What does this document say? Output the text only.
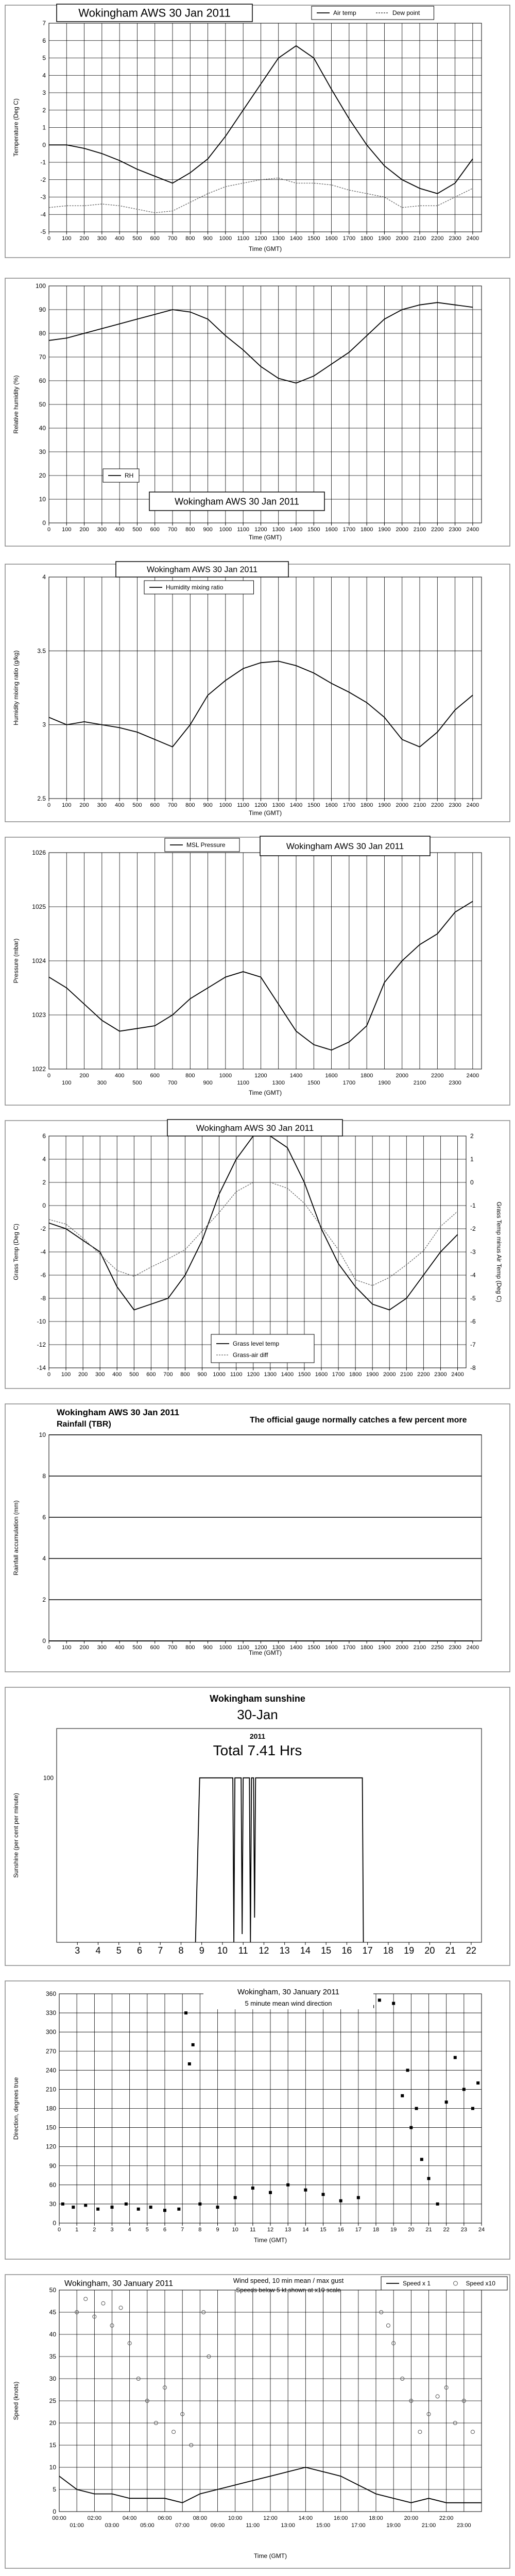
-5
-4
-3
-2
-1
0
1
2
3
4
5
6
7
0 100 200 300 400 500 600 700 800 900 1000 1100 1200 1300 1400 1500 1600 1700 1800 1900 2000 2100 2200 2300 2400
Temperature (Deg C)
Time (GMT)
Wokingham AWS 30 Jan 2011	Air temp	Dew point
0
10
20
30
40
50
60
70
80
90
100
0 100 200 300 400 500 600 700 800 900 1000 1100 1200 1300 1400 1500 1600 1700 1800 1900 2000 2100 2200 2300 2400
Relative humidity (%)
Time (GMT)
Wokingham AWS 30 Jan 2011
RH
2.5
3
3.5
4
0 100 200 300 400 500 600 700 800 900 1000 1100 1200 1300 1400 1500 1600 1700 1800 1900 2000 2100 2200 2300 2400
Humidity mixing ratio (g/kg)
Time (GMT)
Wokingham AWS 30 Jan 2011
Humidity mixing ratio
1022
1023
1024
1025
1026
0	200	400	600	800	1000	1200	1400	1600	1800	2000	2200	2400
100	300	500	700	900	1100	1300	1500	1700	1900	2100	2300
Pressure (mbar)
Time (GMT)
Wokingham AWS 30 Jan 2011
MSL Pressure
-14
-12
-10
-8
-6
-4
-2
0
2
4
6
0 100 200 300 400 500 600 700 800 900 1000 1100 1200 1300 1400 1500 1600 1700 1800 1900 2000 2100 2200 2300 2400
-8
-7
-6
-5
-4
-3
-2
-1
0
1
2
Grass Temp minus Air Temp (Deg C)
Grass Temp (Deg C)
Wokingham AWS 30 Jan 2011
Grass level temp
Grass-air diff
0
2
4
6
8
10
0 100 200 300 400 500 600 700 800 900 1000 1100 1200 1300 1400 1500 1600 1700 1800 1900 2000 2100 2250 2300 2400
Rainfall accumulation (mm)
Time (GMT)
Wokingham AWS 30 Jan 2011
Rainfall (TBR)	The official gauge normally catches a few percent more
100
3 4 5 6 7 8 9 10 11 12 13 14 15 16 17 18 19 20 21 22
Sunshine (per cent per minute)
Wokingham sunshine
30-Jan
2011
Total 7.41 Hrs
0
30
60
90
120
150
180
210
240
270
300
330
360
0	1	2	3	4	5	6	7	8	9 10 11 12 13 14 15 16 17 18 19 20 21 22 23 24
Direction, degrees true
Time (GMT)
Wokingham, 30 January 2011
5 minute mean wind direction
0
5
10
15
20
25
30
35
40
45
50
00:00	02:00	04:00	06:00	08:00	10:00	12:00	14:00	16:00	18:00	20:00	22:00
01:00	03:00	05:00	07:00	09:00	11:00	13:00	15:00	17:00	19:00	21:00	23:00
Speed (knots)
Time (GMT)
Wokingham, 30 January 2011	Wind speed, 10 min mean / max gust
Speeds below 5 kt shown at x10 scale
Speed x 1	Speed x10
